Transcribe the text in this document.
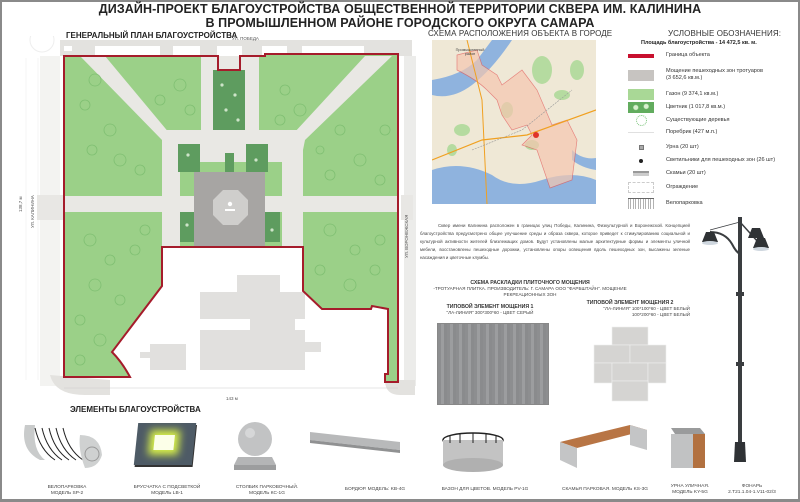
ДИЗАЙН-ПРОЕКТ БЛАГОУСТРОЙСТВА ОБЩЕСТВЕННОЙ ТЕРРИТОРИИ СКВЕРА ИМ. КАЛИНИНА
В ПРОМЫШЛЕННОМ РАЙОНЕ ГОРОДСКОГО ОКРУГА САМАРА
ГЕНЕРАЛЬНЫЙ ПЛАН БЛАГОУСТРОЙСТВА
УЛ. ПОБЕДА
УЛ. КАЛИНИНА
УЛ. ВОРОНЕЖСКАЯ
138,7 м
143 м
СХЕМА РАСПОЛОЖЕНИЯ ОБЪЕКТА В ГОРОДЕ
Промышленный район
УСЛОВНЫЕ ОБОЗНАЧЕНИЯ:
Площадь благоустройства - 14 472,5 кв. м.
Граница объекта
Мощение пешеходных зон тротуаров (3 652,6 кв.м.)
Газон (9 374,1 кв.м.)
Цветник (1 017,8 кв.м.)
Существующие деревья
Поребрик (427 м.п.)
Урна (20 шт)
Светильники для пешеходных зон (26 шт)
Скамьи (20 шт)
Ограждение
Велопарковка
Сквер имени Калинина расположен в границах улиц Победы, Калинина, Физкультурной и Воронежской. Концепцией благоустройства предусмотрено общее улучшение среды и образа сквера, которое приведет к стимулированию социальной и культурной активности жителей близлежащих домов. Будут установлены малые архитектурные формы и элементы уличной мебели, восстановлены пешеходные дорожки, установлены опоры освещения вдоль пешеходных зон, высажены зеленые насаждения и цветочные клумбы.
СХЕМА РАСКЛАДКИ ПЛИТОЧНОГО МОЩЕНИЯ
-ТРОТУАРНАЯ ПЛИТКА. ПРОИЗВОДИТЕЛЬ: Г. САМАРА ООО "ФАРБШТАЙН". МОЩЕНИЕ РЕКРЕАЦИОННЫХ ЗОН
ТИПОВОЙ ЭЛЕМЕНТ МОЩЕНИЯ 1
"ЛА-ЛИНИЯ" 300*300*60 - ЦВЕТ СЕРЫЙ
ТИПОВОЙ ЭЛЕМЕНТ МОЩЕНИЯ 2
"ЛА-ЛИНИЯ" 100*100*60 - ЦВЕТ БЕЛЫЙ
100*200*60 - ЦВЕТ БЕЛЫЙ
ЭЛЕМЕНТЫ БЛАГОУСТРОЙСТВА
ВЕЛОПАРКОВКА
МОДЕЛЬ SP-2
БРУСЧАТКА С ПОДСВЕТКОЙ
МОДЕЛЬ LB-1
СТОЛБИК ПАРКОВОЧНЫЙ.
МОДЕЛЬ КС-1G
БОРДЮР. МОДЕЛЬ: KB-4G	ВАЗОН ДЛЯ ЦВЕТОВ. МОДЕЛЬ PV-1G	СКАМЬЯ ПАРКОВАЯ. МОДЕЛЬ KS-3G
УРНА УЛИЧНАЯ.
МОДЕЛЬ KY-5G
ФОНАРЬ
2.T21.1.04-1.V11-02/3
